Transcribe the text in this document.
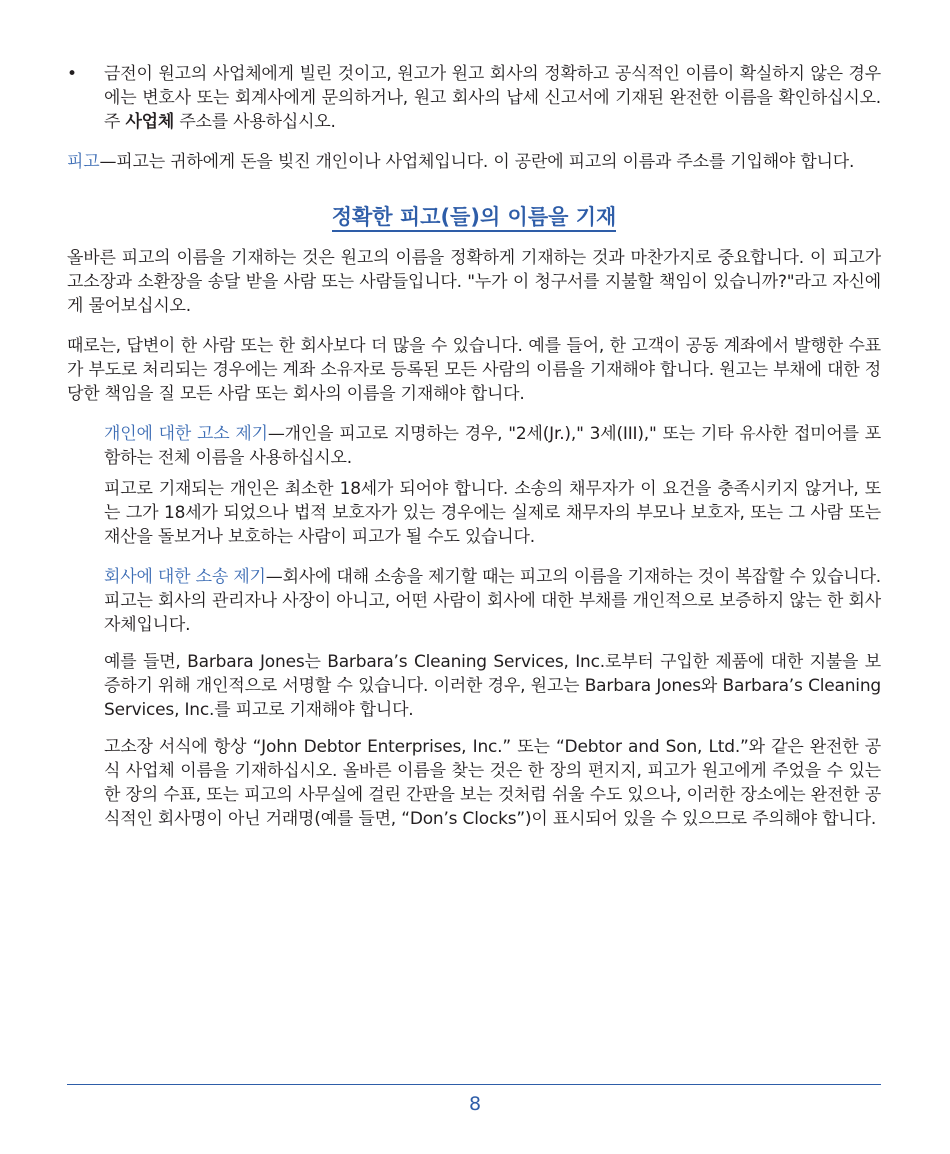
• 금전이 원고의 사업체에게 빌린 것이고, 원고가 원고 회사의 정확하고 공식적인 이름이 확실하지 않은 경우에는 변호사 또는 회계사에게 문의하거나, 원고 회사의 납세 신고서에 기재된 완전한 이름을 확인하십시오. 주 사업체 주소를 사용하십시오.

피고—피고는 귀하에게 돈을 빚진 개인이나 사업체입니다. 이 공란에 피고의 이름과 주소를 기입해야 합니다.

정확한 피고(들)의 이름을 기재

올바른 피고의 이름을 기재하는 것은 원고의 이름을 정확하게 기재하는 것과 마찬가지로 중요합니다. 이 피고가 고소장과 소환장을 송달 받을 사람 또는 사람들입니다. "누가 이 청구서를 지불할 책임이 있습니까?"라고 자신에게 물어보십시오.

때로는, 답변이 한 사람 또는 한 회사보다 더 많을 수 있습니다. 예를 들어, 한 고객이 공동 계좌에서 발행한 수표가 부도로 처리되는 경우에는 계좌 소유자로 등록된 모든 사람의 이름을 기재해야 합니다. 원고는 부채에 대한 정당한 책임을 질 모든 사람 또는 회사의 이름을 기재해야 합니다.

개인에 대한 고소 제기—개인을 피고로 지명하는 경우, "2세(Jr.)," 3세(III)," 또는 기타 유사한 접미어를 포함하는 전체 이름을 사용하십시오.

피고로 기재되는 개인은 최소한 18세가 되어야 합니다. 소송의 채무자가 이 요건을 충족시키지 않거나, 또는 그가 18세가 되었으나 법적 보호자가 있는 경우에는 실제로 채무자의 부모나 보호자, 또는 그 사람 또는 재산을 돌보거나 보호하는 사람이 피고가 될 수도 있습니다.

회사에 대한 소송 제기—회사에 대해 소송을 제기할 때는 피고의 이름을 기재하는 것이 복잡할 수 있습니다. 피고는 회사의 관리자나 사장이 아니고, 어떤 사람이 회사에 대한 부채를 개인적으로 보증하지 않는 한 회사 자체입니다.

예를 들면, Barbara Jones는 Barbara’s Cleaning Services, Inc.로부터 구입한 제품에 대한 지불을 보증하기 위해 개인적으로 서명할 수 있습니다. 이러한 경우, 원고는 Barbara Jones와 Barbara’s Cleaning Services, Inc.를 피고로 기재해야 합니다.

고소장 서식에 항상 “John Debtor Enterprises, Inc.” 또는 “Debtor and Son, Ltd.”와 같은 완전한 공식 사업체 이름을 기재하십시오. 올바른 이름을 찾는 것은 한 장의 편지지, 피고가 원고에게 주었을 수 있는 한 장의 수표, 또는 피고의 사무실에 걸린 간판을 보는 것처럼 쉬울 수도 있으나, 이러한 장소에는 완전한 공식적인 회사명이 아닌 거래명(예를 들면, “Don’s Clocks”)이 표시되어 있을 수 있으므로 주의해야 합니다.

8
